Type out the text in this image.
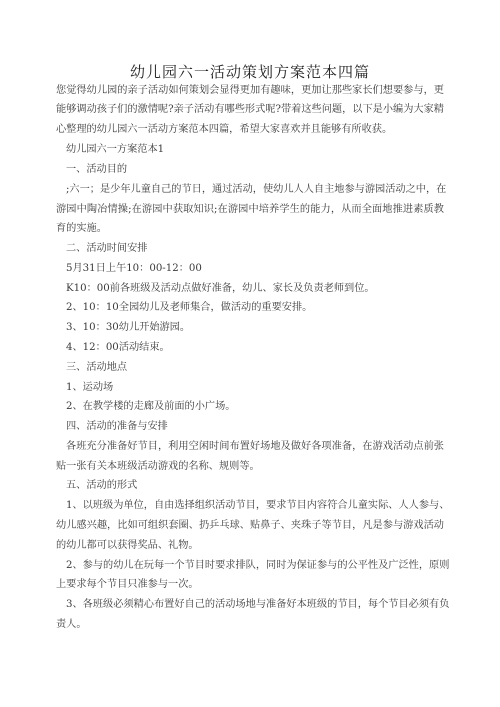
幼儿园六一活动策划方案范本四篇
您觉得幼儿园的亲子活动如何策划会显得更加有趣味，更加让那些家长们想要参与，更
能够调动孩子们的激情呢?亲子活动有哪些形式呢?带着这些问题，以下是小编为大家精
心整理的幼儿园六一活动方案范本四篇，希望大家喜欢并且能够有所收获。
幼儿园六一方案范本1
一、活动目的
;六一；是少年儿童自己的节日，通过活动，使幼儿人人自主地参与游园活动之中，在
游园中陶冶情操;在游园中获取知识;在游园中培养学生的能力，从而全面地推进素质教
育的实施。
二、活动时间安排
5月31日上午10：00-12：00
K10：00前各班级及活动点做好准备，幼儿、家长及负责老师到位。
2、10：10全园幼儿及老师集合，做活动的重要安排。
3、10：30幼儿开始游园。
4、12：00活动结束。
三、活动地点
1、运动场
2、在教学楼的走廊及前面的小广场。
四、活动的准备与安排
各班充分准备好节目，利用空闲时间布置好场地及做好各项准备，在游戏活动点前张
贴一张有关本班级活动游戏的名称、规则等。
五、活动的形式
1、以班级为单位，自由选择组织活动节目，要求节目内容符合儿童实际、人人参与、
幼儿感兴趣，比如可组织套圈、扔乒乓球、贴鼻子、夹珠子等节目，凡是参与游戏活动
的幼儿都可以获得奖品、礼物。
2、参与的幼儿在玩每一个节目时要求排队，同时为保证参与的公平性及广泛性，原则
上要求每个节目只准参与一次。
3、各班级必须精心布置好自己的活动场地与准备好本班级的节目，每个节目必须有负
责人。
